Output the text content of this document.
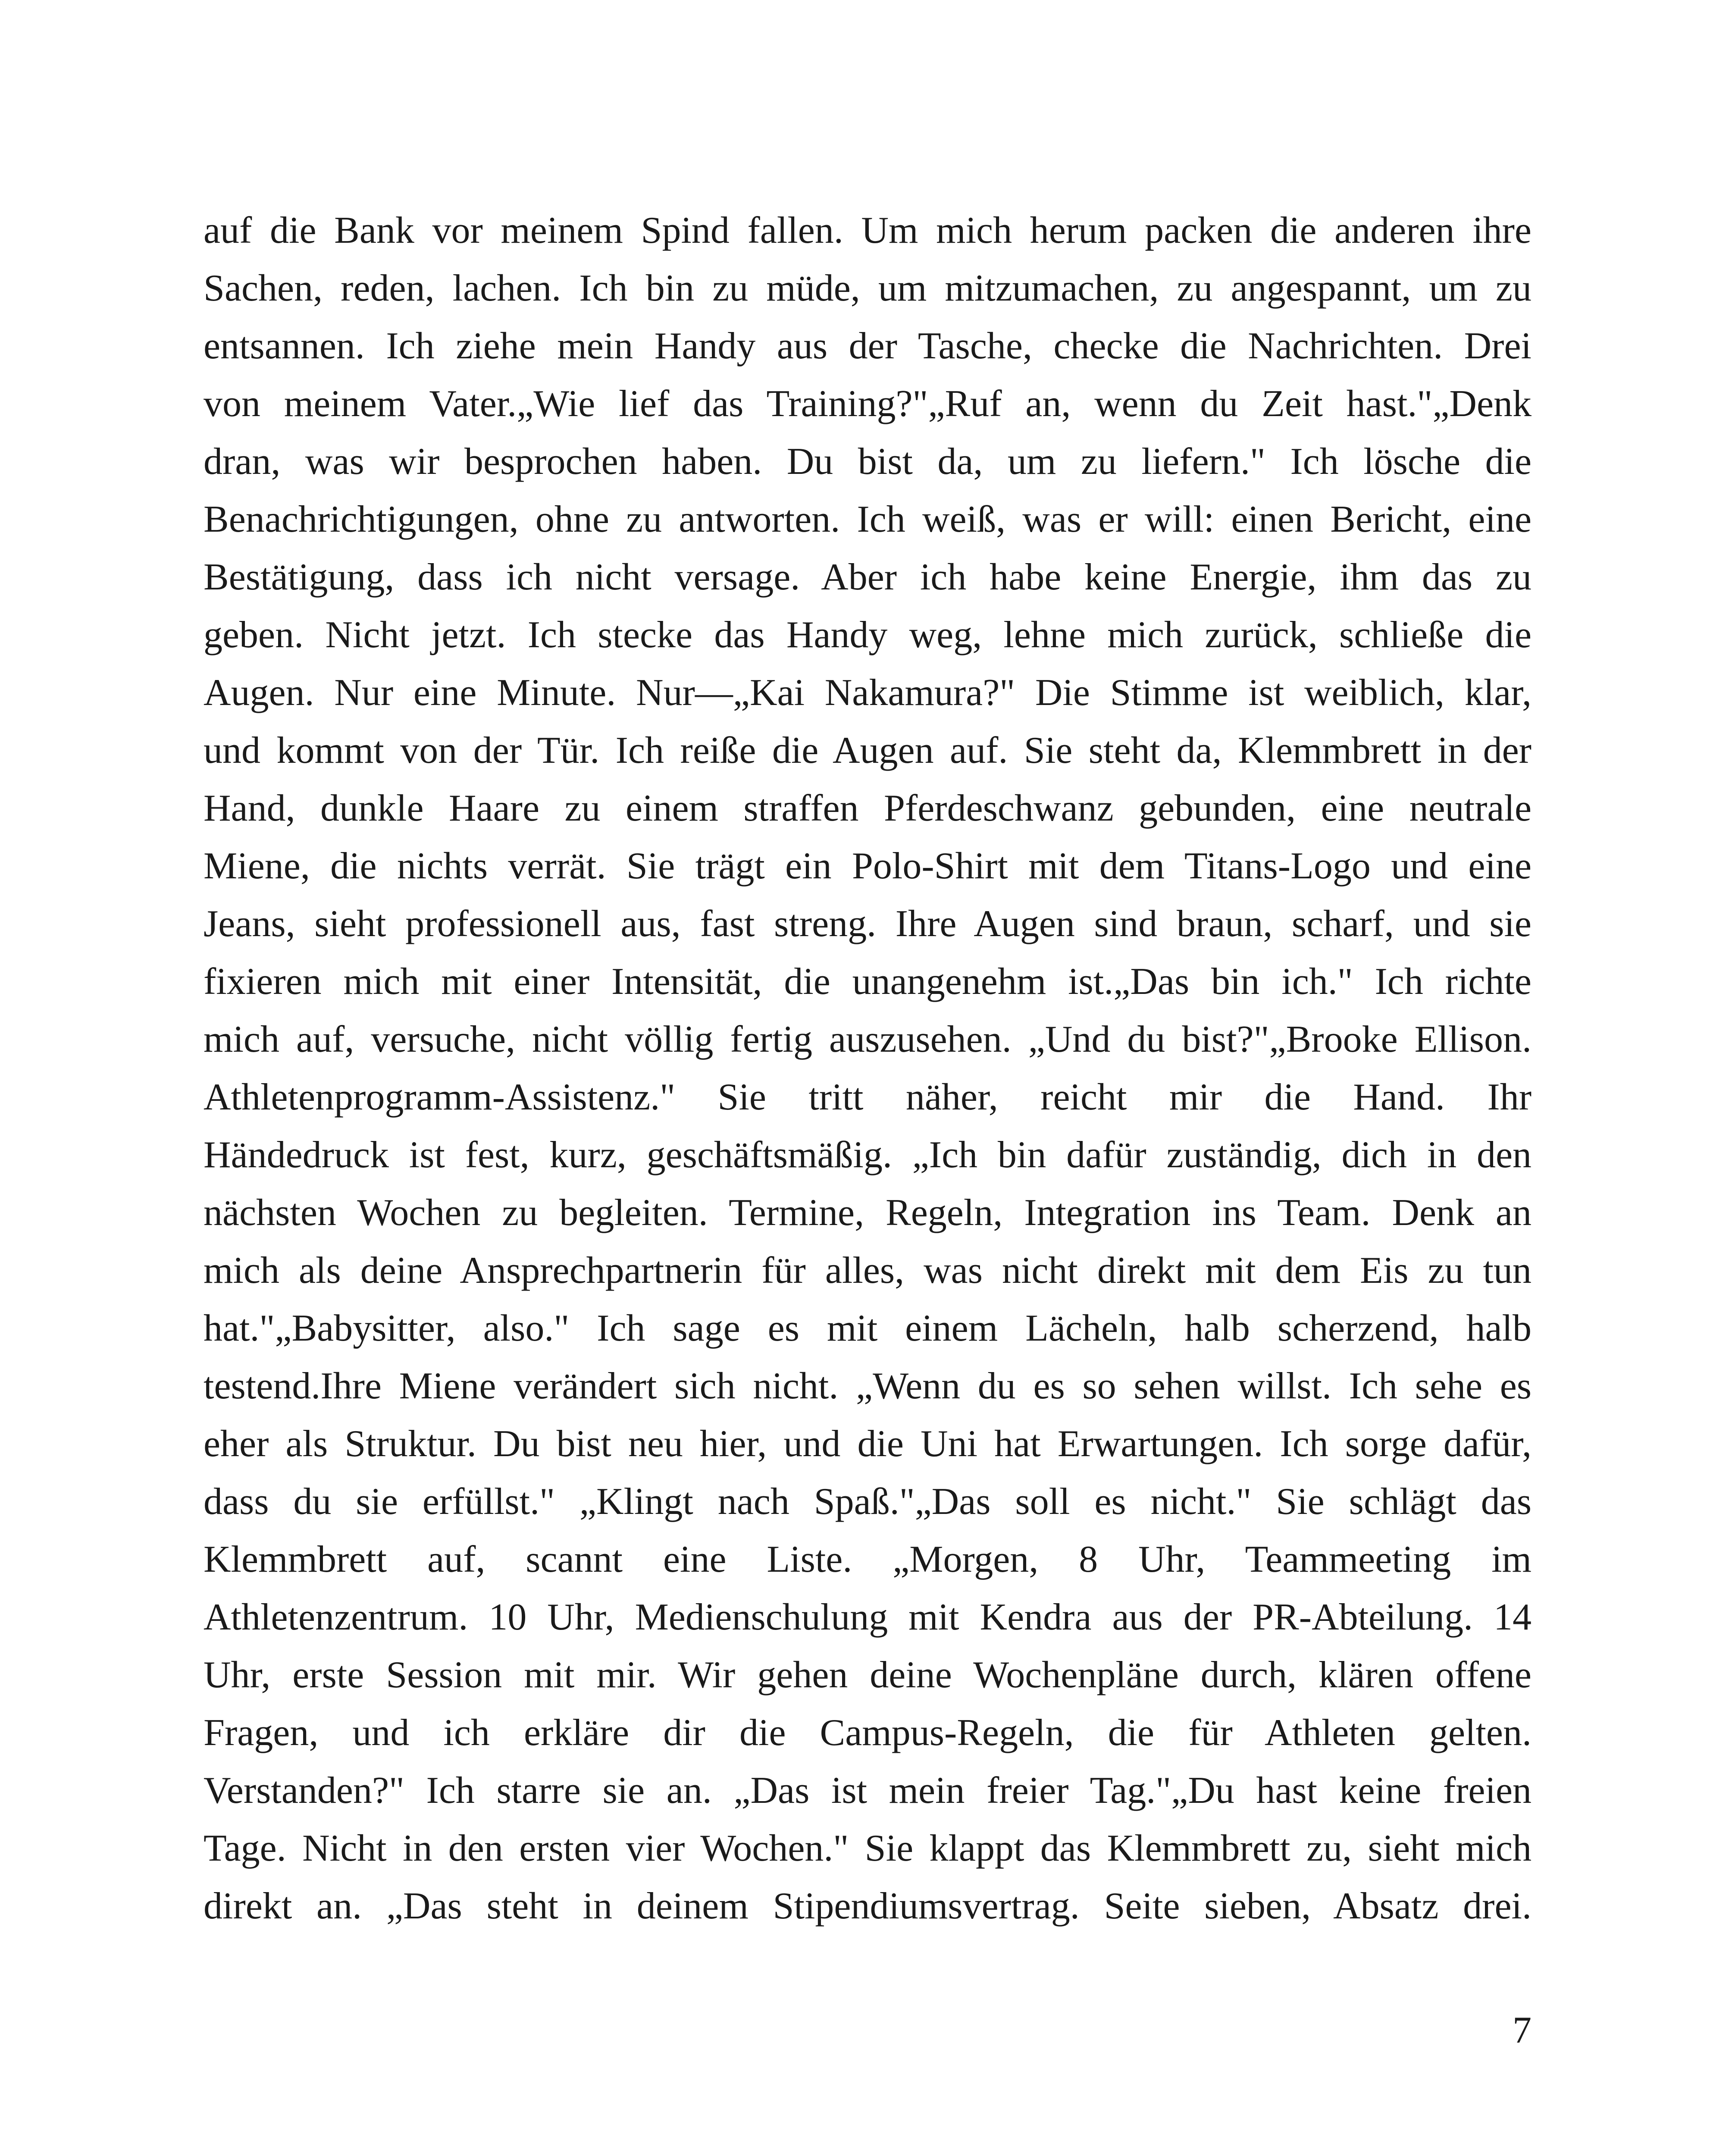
auf die Bank vor meinem Spind fallen. Um mich herum packen die anderen ihre
Sachen, reden, lachen. Ich bin zu müde, um mitzumachen, zu angespannt, um zu
entsannen. Ich ziehe mein Handy aus der Tasche, checke die Nachrichten. Drei
von meinem Vater.„Wie lief das Training?"„Ruf an, wenn du Zeit hast."„Denk
dran, was wir besprochen haben. Du bist da, um zu liefern." Ich lösche die
Benachrichtigungen, ohne zu antworten. Ich weiß, was er will: einen Bericht, eine
Bestätigung, dass ich nicht versage. Aber ich habe keine Energie, ihm das zu
geben. Nicht jetzt. Ich stecke das Handy weg, lehne mich zurück, schließe die
Augen. Nur eine Minute. Nur—„Kai Nakamura?" Die Stimme ist weiblich, klar,
und kommt von der Tür. Ich reiße die Augen auf. Sie steht da, Klemmbrett in der
Hand, dunkle Haare zu einem straffen Pferdeschwanz gebunden, eine neutrale
Miene, die nichts verrät. Sie trägt ein Polo-Shirt mit dem Titans-Logo und eine
Jeans, sieht professionell aus, fast streng. Ihre Augen sind braun, scharf, und sie
fixieren mich mit einer Intensität, die unangenehm ist.„Das bin ich." Ich richte
mich auf, versuche, nicht völlig fertig auszusehen. „Und du bist?"„Brooke Ellison.
Athletenprogramm-Assistenz." Sie tritt näher, reicht mir die Hand. Ihr
Händedruck ist fest, kurz, geschäftsmäßig. „Ich bin dafür zuständig, dich in den
nächsten Wochen zu begleiten. Termine, Regeln, Integration ins Team. Denk an
mich als deine Ansprechpartnerin für alles, was nicht direkt mit dem Eis zu tun
hat."„Babysitter, also." Ich sage es mit einem Lächeln, halb scherzend, halb
testend.Ihre Miene verändert sich nicht. „Wenn du es so sehen willst. Ich sehe es
eher als Struktur. Du bist neu hier, und die Uni hat Erwartungen. Ich sorge dafür,
dass du sie erfüllst." „Klingt nach Spaß."„Das soll es nicht." Sie schlägt das
Klemmbrett auf, scannt eine Liste. „Morgen, 8 Uhr, Teammeeting im
Athletenzentrum. 10 Uhr, Medienschulung mit Kendra aus der PR-Abteilung. 14
Uhr, erste Session mit mir. Wir gehen deine Wochenpläne durch, klären offene
Fragen, und ich erkläre dir die Campus-Regeln, die für Athleten gelten.
Verstanden?" Ich starre sie an. „Das ist mein freier Tag."„Du hast keine freien
Tage. Nicht in den ersten vier Wochen." Sie klappt das Klemmbrett zu, sieht mich
direkt an. „Das steht in deinem Stipendiumsvertrag. Seite sieben, Absatz drei.
7
